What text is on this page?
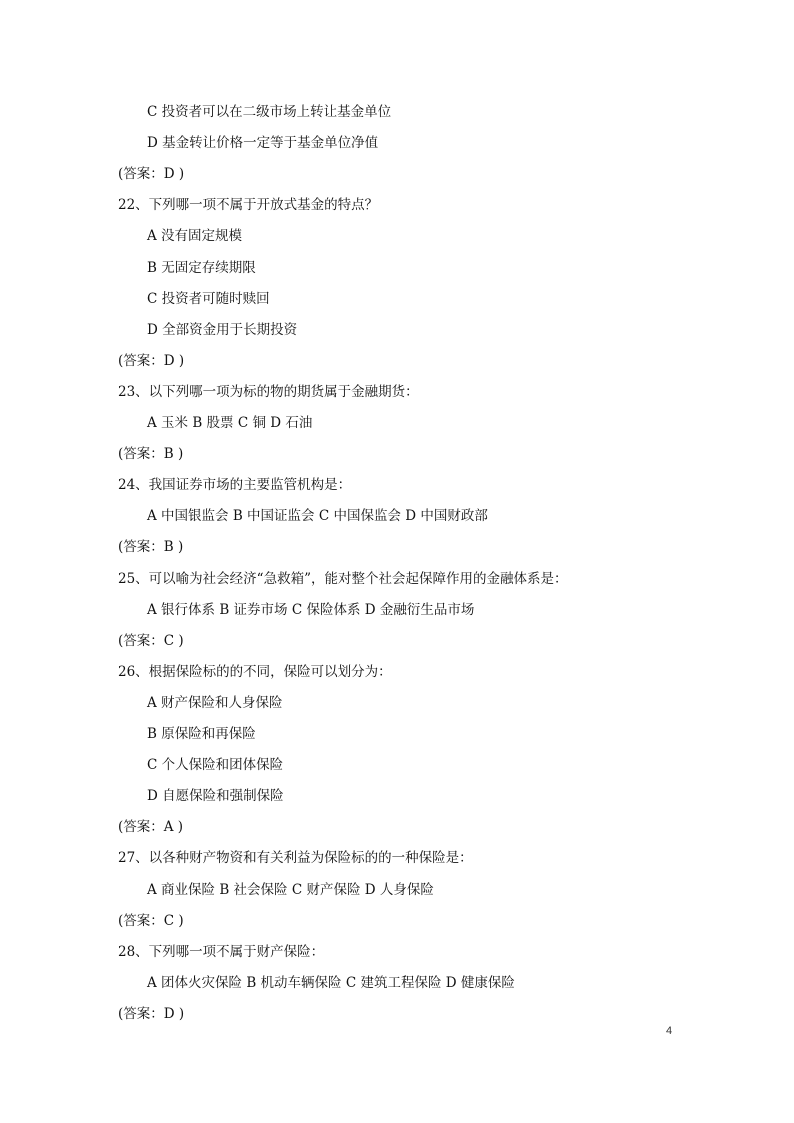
C 投资者可以在二级市场上转让基金单位
D 基金转让价格一定等于基金单位净值
(答案：D )
22、下列哪一项不属于开放式基金的特点？
A 没有固定规模
B 无固定存续期限
C 投资者可随时赎回
D 全部资金用于长期投资
(答案：D )
23、以下列哪一项为标的物的期货属于金融期货：
A 玉米 B 股票 C 铜 D 石油
(答案：B )
24、我国证券市场的主要监管机构是：
A 中国银监会 B 中国证监会 C 中国保监会 D 中国财政部
(答案：B )
25、可以喻为社会经济“急救箱”，能对整个社会起保障作用的金融体系是：
A 银行体系 B 证券市场 C 保险体系 D 金融衍生品市场
(答案：C )
26、根据保险标的的不同，保险可以划分为：
A 财产保险和人身保险
B 原保险和再保险
C 个人保险和团体保险
D 自愿保险和强制保险
(答案：A )
27、以各种财产物资和有关利益为保险标的的一种保险是：
A 商业保险 B 社会保险 C 财产保险 D 人身保险
(答案：C )
28、下列哪一项不属于财产保险：
A 团体火灾保险 B 机动车辆保险 C 建筑工程保险 D 健康保险
(答案：D )
4
